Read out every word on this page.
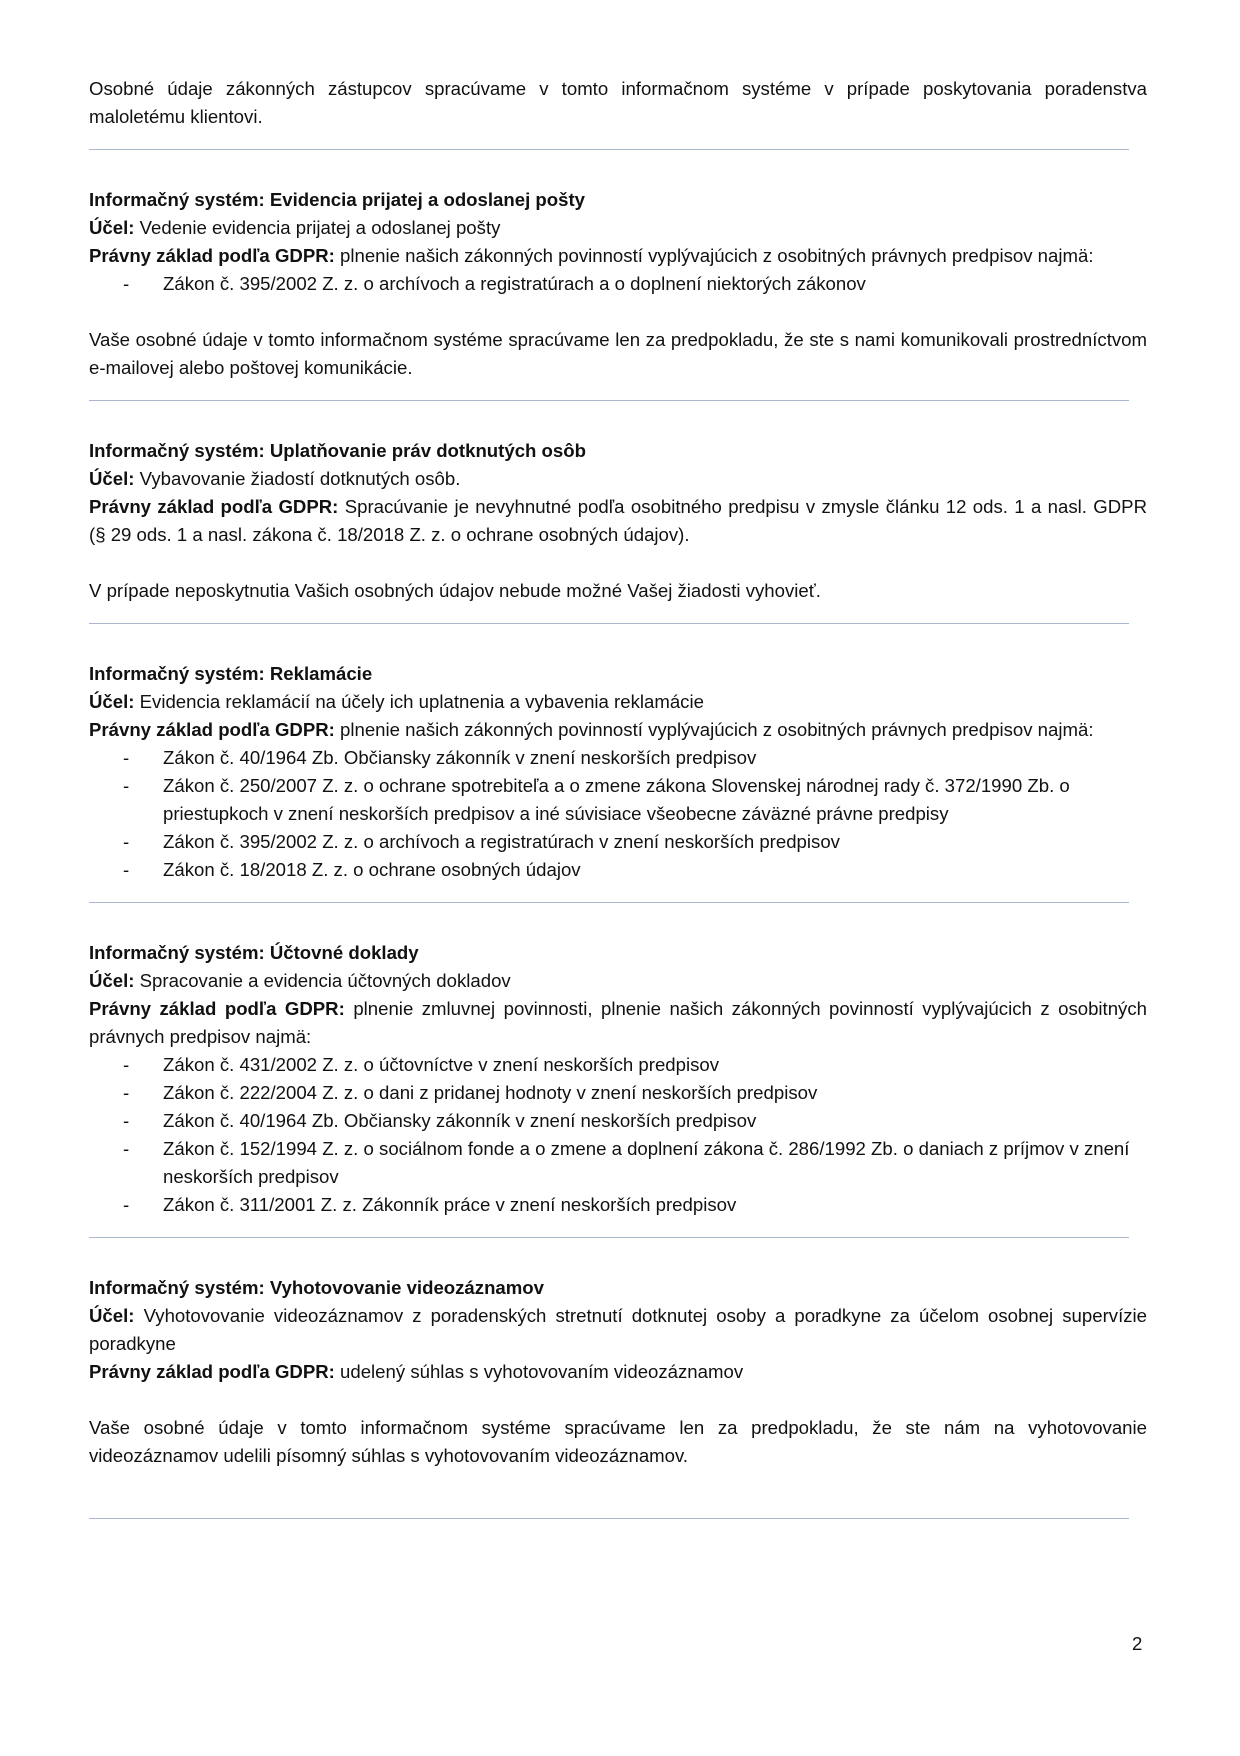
Osobné údaje zákonných zástupcov spracúvame v tomto informačnom systéme v prípade poskytovania poradenstva maloletému klientovi.

Informačný systém: Evidencia prijatej a odoslanej pošty

Účel: Vedenie evidencia prijatej a odoslanej pošty

Právny základ podľa GDPR: plnenie našich zákonných povinností vyplývajúcich z osobitných právnych predpisov najmä:

- Zákon č. 395/2002 Z. z. o archívoch a registratúrach a o doplnení niektorých zákonov

Vaše osobné údaje v tomto informačnom systéme spracúvame len za predpokladu, že ste s nami komunikovali prostredníctvom e-mailovej alebo poštovej komunikácie.

Informačný systém: Uplatňovanie práv dotknutých osôb

Účel: Vybavovanie žiadostí dotknutých osôb.

Právny základ podľa GDPR: Spracúvanie je nevyhnutné podľa osobitného predpisu v zmysle článku 12 ods. 1 a nasl. GDPR (§ 29 ods. 1 a nasl. zákona č. 18/2018 Z. z. o ochrane osobných údajov).

V prípade neposkytnutia Vašich osobných údajov nebude možné Vašej žiadosti vyhovieť.

Informačný systém: Reklamácie

Účel: Evidencia reklamácií na účely ich uplatnenia a vybavenia reklamácie

Právny základ podľa GDPR: plnenie našich zákonných povinností vyplývajúcich z osobitných právnych predpisov najmä:

- Zákon č. 40/1964 Zb. Občiansky zákonník v znení neskorších predpisov
- Zákon č. 250/2007 Z. z. o ochrane spotrebiteľa a o zmene zákona Slovenskej národnej rady č. 372/1990 Zb. o priestupkoch v znení neskorších predpisov a iné súvisiace všeobecne záväzné právne predpisy
- Zákon č. 395/2002 Z. z. o archívoch a registratúrach v znení neskorších predpisov
- Zákon č. 18/2018 Z. z. o ochrane osobných údajov

Informačný systém: Účtovné doklady

Účel: Spracovanie a evidencia účtovných dokladov

Právny základ podľa GDPR: plnenie zmluvnej povinnosti, plnenie našich zákonných povinností vyplývajúcich z osobitných právnych predpisov najmä:

- Zákon č. 431/2002 Z. z. o účtovníctve v znení neskorších predpisov
- Zákon č. 222/2004 Z. z. o dani z pridanej hodnoty v znení neskorších predpisov
- Zákon č. 40/1964 Zb. Občiansky zákonník v znení neskorších predpisov
- Zákon č. 152/1994 Z. z. o sociálnom fonde a o zmene a doplnení zákona č. 286/1992 Zb. o daniach z príjmov v znení neskorších predpisov
- Zákon č. 311/2001 Z. z. Zákonník práce v znení neskorších predpisov

Informačný systém: Vyhotovovanie videozáznamov

Účel: Vyhotovovanie videozáznamov z poradenských stretnutí dotknutej osoby a poradkyne za účelom osobnej supervízie poradkyne

Právny základ podľa GDPR: udelený súhlas s vyhotovovaním videozáznamov

Vaše osobné údaje v tomto informačnom systéme spracúvame len za predpokladu, že ste nám na vyhotovovanie videozáznamov udelili písomný súhlas s vyhotovovaním videozáznamov.

2
